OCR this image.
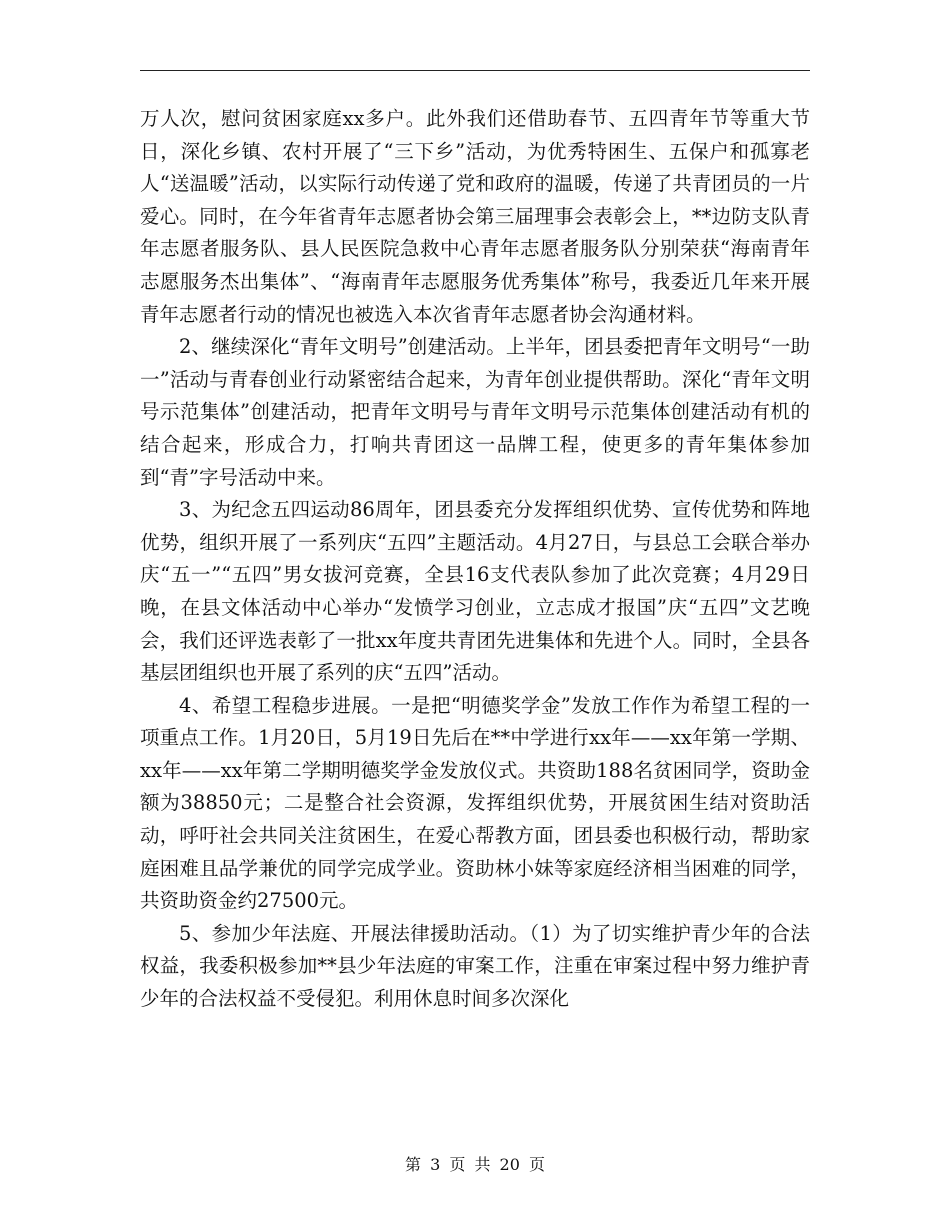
万人次，慰问贫困家庭xx多户。此外我们还借助春节、五四青年节等重大节日，深化乡镇、农村开展了“三下乡”活动，为优秀特困生、五保户和孤寡老人“送温暖”活动，以实际行动传递了党和政府的温暖，传递了共青团员的一片爱心。同时，在今年省青年志愿者协会第三届理事会表彰会上，**边防支队青年志愿者服务队、县人民医院急救中心青年志愿者服务队分别荣获“海南青年志愿服务杰出集体”、“海南青年志愿服务优秀集体”称号，我委近几年来开展青年志愿者行动的情况也被选入本次省青年志愿者协会沟通材料。

2、继续深化“青年文明号”创建活动。上半年，团县委把青年文明号“一助一”活动与青春创业行动紧密结合起来，为青年创业提供帮助。深化“青年文明号示范集体”创建活动，把青年文明号与青年文明号示范集体创建活动有机的结合起来，形成合力，打响共青团这一品牌工程，使更多的青年集体参加到“青”字号活动中来。

3、为纪念五四运动86周年，团县委充分发挥组织优势、宣传优势和阵地优势，组织开展了一系列庆“五四”主题活动。4月27日，与县总工会联合举办庆“五一”“五四”男女拔河竞赛，全县16支代表队参加了此次竞赛；4月29日晚，在县文体活动中心举办“发愤学习创业，立志成才报国”庆“五四”文艺晚会，我们还评选表彰了一批xx年度共青团先进集体和先进个人。同时，全县各基层团组织也开展了系列的庆“五四”活动。

4、希望工程稳步进展。一是把“明德奖学金”发放工作作为希望工程的一项重点工作。1月20日，5月19日先后在**中学进行xx年——xx年第一学期、xx年——xx年第二学期明德奖学金发放仪式。共资助188名贫困同学，资助金额为38850元；二是整合社会资源，发挥组织优势，开展贫困生结对资助活动，呼吁社会共同关注贫困生，在爱心帮教方面，团县委也积极行动，帮助家庭困难且品学兼优的同学完成学业。资助林小妹等家庭经济相当困难的同学，共资助资金约27500元。

5、参加少年法庭、开展法律援助活动。（1）为了切实维护青少年的合法权益，我委积极参加**县少年法庭的审案工作，注重在审案过程中努力维护青少年的合法权益不受侵犯。利用休息时间多次深化

第 3 页 共 20 页
